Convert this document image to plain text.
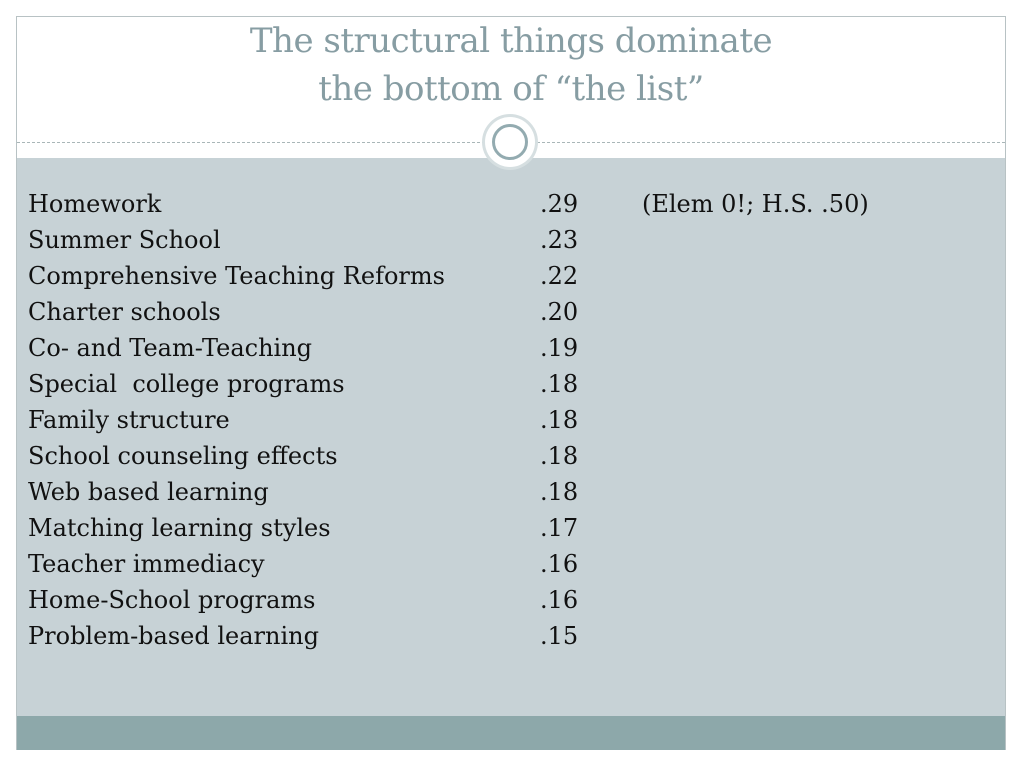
The structural things dominate

the bottom of “the list”

Homework	.29	(Elem 0!; H.S. .50)
Summer School	.23
Comprehensive Teaching Reforms	.22
Charter schools	.20
Co- and Team-Teaching	.19
Special  college programs	.18
Family structure	.18
School counseling effects	.18
Web based learning	.18
Matching learning styles	.17
Teacher immediacy	.16
Home-School programs	.16
Problem-based learning	.15
